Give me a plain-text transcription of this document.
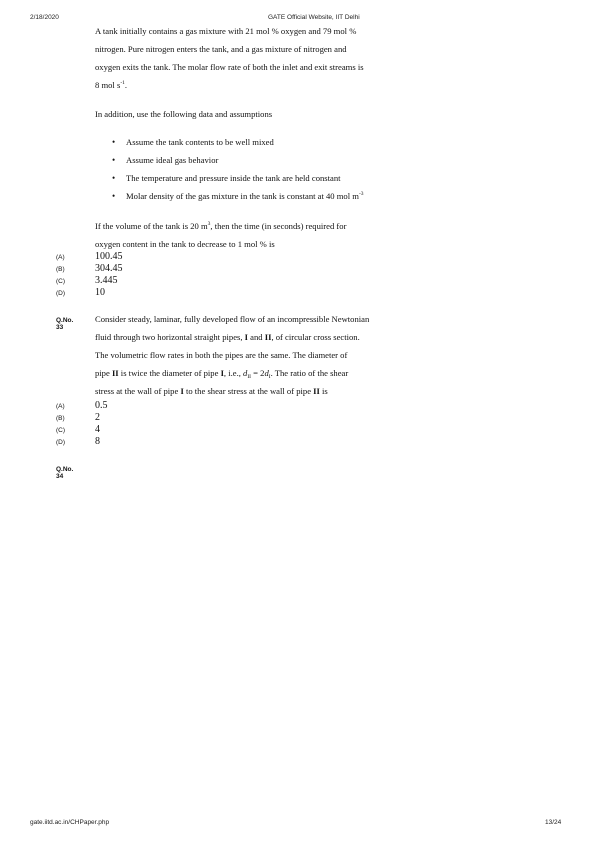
2/18/2020	GATE Official Website, IIT Delhi
A tank initially contains a gas mixture with 21 mol % oxygen and 79 mol %
nitrogen. Pure nitrogen enters the tank, and a gas mixture of nitrogen and
oxygen exits the tank. The molar flow rate of both the inlet and exit streams is
8 mol $s^{-1}$.
In addition, use the following data and assumptions
• Assume the tank contents to be well mixed
• Assume ideal gas behavior
• The temperature and pressure inside the tank are held constant
• Molar density of the gas mixture in the tank is constant at 40 mol $m^{-3}$
If the volume of the tank is 20 $m^3$, then the time (in seconds) required for
oxygen content in the tank to decrease to 1 mol % is
(A)	100.45
(B)	304.45
(C)	3.445
(D)	10
Q.No.
33
Consider steady, laminar, fully developed flow of an incompressible Newtonian
fluid through two horizontal straight pipes, I and II, of circular cross section.
The volumetric flow rates in both the pipes are the same. The diameter of
pipe II is twice the diameter of pipe I, i.e., $d_{II} = 2d_I$. The ratio of the shear
stress at the wall of pipe I to the shear stress at the wall of pipe II is
(A)	0.5
(B)	2
(C)	4
(D)	8
Q.No.
34
gate.iitd.ac.in/CHPaper.php	13/24
